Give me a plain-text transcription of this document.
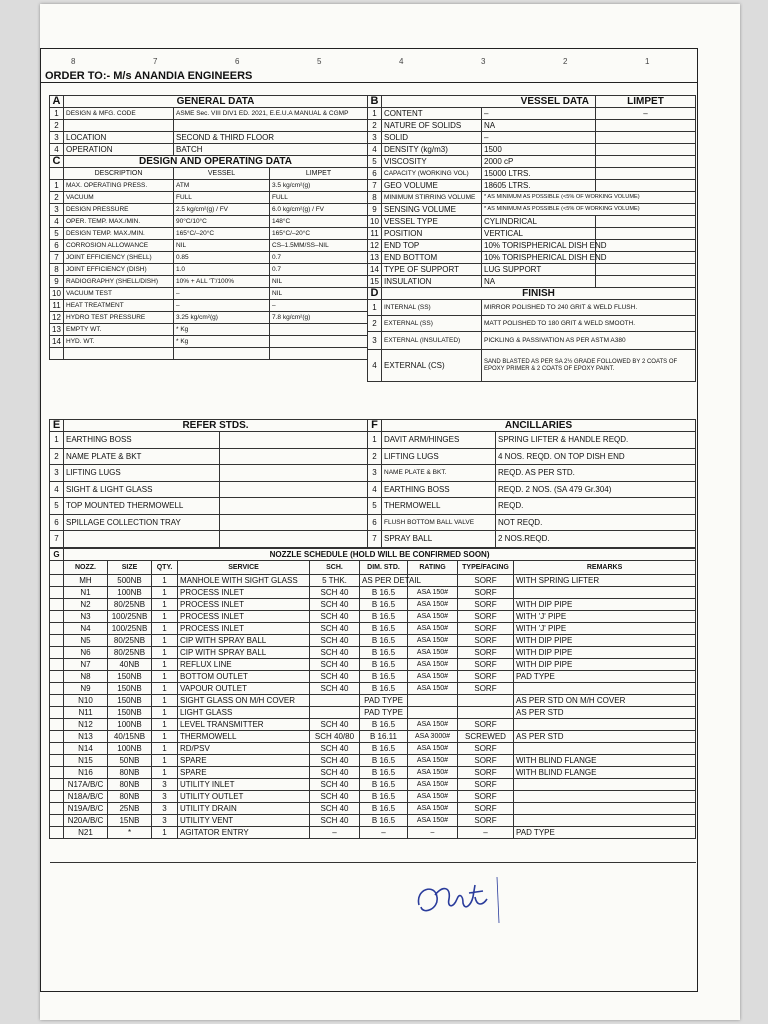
8	7	6	5	4	3	2	1
ORDER TO:- M/s ANANDIA ENGINEERS
A	GENERAL DATA		
1	DESIGN & MFG. CODE	ASME Sec. VIII DIV1 ED. 2021, E.E.U.A MANUAL & CGMP	
2			
3	LOCATION	SECOND & THIRD FLOOR	
4	OPERATION	BATCH	
C	DESIGN AND OPERATING DATA		
	DESCRIPTION	VESSEL	LIMPET
1	MAX. OPERATING PRESS.	ATM	3.5 kg/cm²(g)
2	VACUUM	FULL	FULL
3	DESIGN PRESSURE	2.5 kg/cm²(g) / FV	6.0 kg/cm²(g) / FV
4	OPER. TEMP. MAX./MIN.	90°C/10°C	148°C
5	DESIGN TEMP. MAX./MIN.	165°C/–20°C	165°C/–20°C
6	CORROSION ALLOWANCE	NIL	CS–1.5MM/SS–NIL
7	JOINT EFFICIENCY (SHELL)	0.85	0.7
8	JOINT EFFICIENCY (DISH)	1.0	0.7
9	RADIOGRAPHY (SHELL/DISH)	10% + ALL 'T'/100%	NIL
10	VACUUM TEST	–	NIL
11	HEAT TREATMENT	–	–
12	HYDRO TEST PRESSURE	3.25 kg/cm²(g)	7.8 kg/cm²(g)
13	EMPTY WT.	* Kg	
14	HYD. WT.	* Kg	

B	VESSEL DATA		LIMPET
1	CONTENT	–	–
2	NATURE OF SOLIDS	NA	
3	SOLID	–	
4	DENSITY (kg/m3)	1500	
5	VISCOSITY	2000 cP	
6	CAPACITY (WORKING VOL)	15000 LTRS.	
7	GEO VOLUME	18605 LTRS.	
8	MINIMUM STIRRING VOLUME	* AS MINIMUM AS POSSIBLE (<5% OF WORKING VOLUME)	
9	SENSING VOLUME	* AS MINIMUM AS POSSIBLE (<5% OF WORKING VOLUME)	
10	VESSEL TYPE	CYLINDRICAL	
11	POSITION	VERTICAL	
12	END TOP	10% TORISPHERICAL DISH END	
13	END BOTTOM	10% TORISPHERICAL DISH END	
14	TYPE OF SUPPORT	LUG SUPPORT	
15	INSULATION	NA	
D	FINISH		
1	INTERNAL (SS)	MIRROR POLISHED TO 240 GRIT & WELD FLUSH.	
2	EXTERNAL (SS)	MATT POLISHED TO 180 GRIT & WELD SMOOTH.	
3	EXTERNAL (INSULATED)	PICKLING & PASSIVATION AS PER ASTM A380	
4	EXTERNAL (CS)	SAND BLASTED AS PER SA 2½ GRADE FOLLOWED BY 2 COATS OF EPOXY PRIMER & 2 COATS OF EPOXY PAINT.	
E	REFER STDS.	
1	EARTHING BOSS	
2	NAME PLATE & BKT	
3	LIFTING LUGS	
4	SIGHT & LIGHT GLASS	
5	TOP MOUNTED THERMOWELL	
6	SPILLAGE COLLECTION TRAY	
7		
F	ANCILLARIES	
1	DAVIT ARM/HINGES	SPRING LIFTER & HANDLE REQD.
2	LIFTING LUGS	4 NOS. REQD. ON TOP DISH END
3	NAME PLATE & BKT.	REQD. AS PER STD.
4	EARTHING BOSS	REQD. 2 NOS. (SA 479 Gr.304)
5	THERMOWELL	REQD.
6	FLUSH BOTTOM BALL VALVE	NOT REQD.
7	SPRAY BALL	2 NOS.REQD.
G	NOZZLE SCHEDULE (HOLD WILL BE CONFIRMED SOON)								
	NOZZ.	SIZE	QTY.	SERVICE	SCH.	DIM. STD.	RATING	TYPE/FACING	REMARKS
	MH	500NB	1	MANHOLE WITH SIGHT GLASS	5 THK.	AS PER DETAIL		SORF	WITH SPRING LIFTER
	N1	100NB	1	PROCESS INLET	SCH 40	B 16.5	ASA 150#	SORF	
	N2	80/25NB	1	PROCESS INLET	SCH 40	B 16.5	ASA 150#	SORF	WITH DIP PIPE
	N3	100/25NB	1	PROCESS INLET	SCH 40	B 16.5	ASA 150#	SORF	WITH 'J' PIPE
	N4	100/25NB	1	PROCESS INLET	SCH 40	B 16.5	ASA 150#	SORF	WITH 'J' PIPE
	N5	80/25NB	1	CIP WITH SPRAY BALL	SCH 40	B 16.5	ASA 150#	SORF	WITH DIP PIPE
	N6	80/25NB	1	CIP WITH SPRAY BALL	SCH 40	B 16.5	ASA 150#	SORF	WITH DIP PIPE
	N7	40NB	1	REFLUX LINE	SCH 40	B 16.5	ASA 150#	SORF	WITH DIP PIPE
	N8	150NB	1	BOTTOM OUTLET	SCH 40	B 16.5	ASA 150#	SORF	PAD TYPE
	N9	150NB	1	VAPOUR OUTLET	SCH 40	B 16.5	ASA 150#	SORF	
	N10	150NB	1	SIGHT GLASS ON M/H COVER		PAD TYPE			AS PER STD ON M/H COVER
	N11	150NB	1	LIGHT GLASS		PAD TYPE			AS PER STD
	N12	100NB	1	LEVEL TRANSMITTER	SCH 40	B 16.5	ASA 150#	SORF	
	N13	40/15NB	1	THERMOWELL	SCH 40/80	B 16.11	ASA 3000#	SCREWED	AS PER STD
	N14	100NB	1	RD/PSV	SCH 40	B 16.5	ASA 150#	SORF	
	N15	50NB	1	SPARE	SCH 40	B 16.5	ASA 150#	SORF	WITH BLIND FLANGE
	N16	80NB	1	SPARE	SCH 40	B 16.5	ASA 150#	SORF	WITH BLIND FLANGE
	N17A/B/C	80NB	3	UTILITY INLET	SCH 40	B 16.5	ASA 150#	SORF	
	N18A/B/C	80NB	3	UTILITY OUTLET	SCH 40	B 16.5	ASA 150#	SORF	
	N19A/B/C	25NB	3	UTILITY DRAIN	SCH 40	B 16.5	ASA 150#	SORF	
	N20A/B/C	15NB	3	UTILITY VENT	SCH 40	B 16.5	ASA 150#	SORF	
	N21	*	1	AGITATOR ENTRY	–	–	–	–	PAD TYPE
